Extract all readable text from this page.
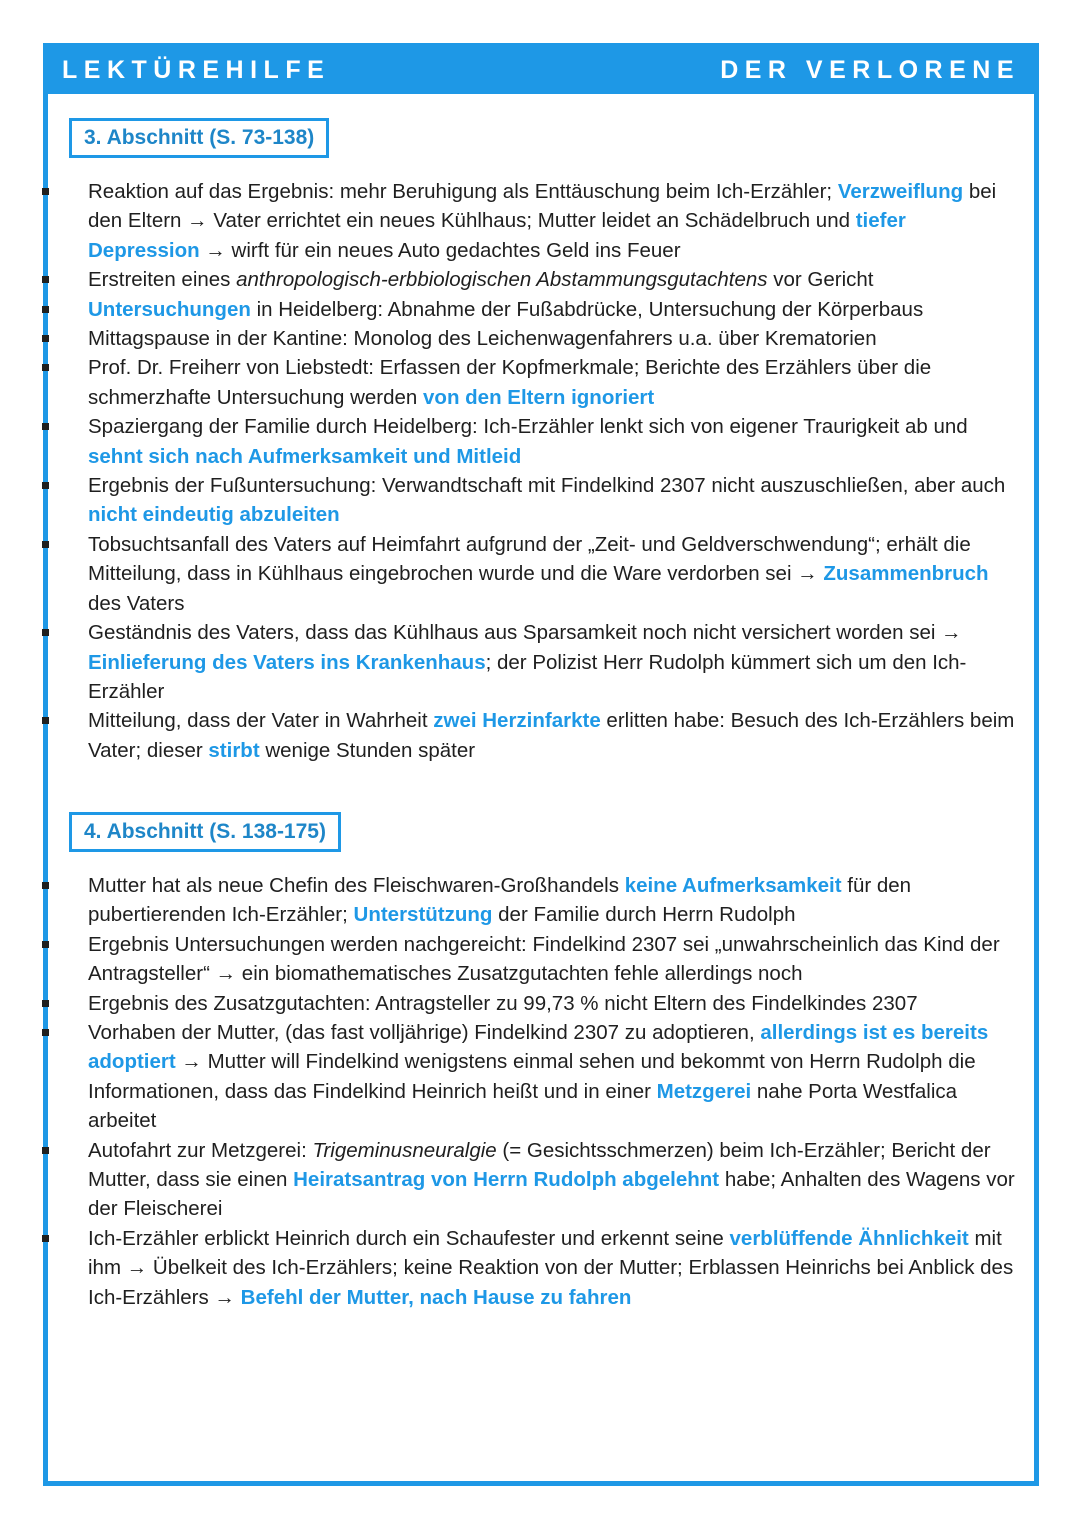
LEKTÜREHILFE	DER VERLORENE
3. Abschnitt (S. 73-138)
Reaktion auf das Ergebnis: mehr Beruhigung als Enttäuschung beim Ich-Erzähler; Verzweiflung bei den Eltern → Vater errichtet ein neues Kühlhaus; Mutter leidet an Schädelbruch und tiefer Depression → wirft für ein neues Auto gedachtes Geld ins Feuer
Erstreiten eines anthropologisch-erbbiologischen Abstammungsgutachtens vor Gericht
Untersuchungen in Heidelberg: Abnahme der Fußabdrücke, Untersuchung der Körperbaus
Mittagspause in der Kantine: Monolog des Leichenwagenfahrers u.a. über Krematorien
Prof. Dr. Freiherr von Liebstedt: Erfassen der Kopfmerkmale; Berichte des Erzählers über die schmerzhafte Untersuchung werden von den Eltern ignoriert
Spaziergang der Familie durch Heidelberg: Ich-Erzähler lenkt sich von eigener Traurigkeit ab und sehnt sich nach Aufmerksamkeit und Mitleid
Ergebnis der Fußuntersuchung: Verwandtschaft mit Findelkind 2307 nicht auszuschließen, aber auch nicht eindeutig abzuleiten
Tobsuchtsanfall des Vaters auf Heimfahrt aufgrund der „Zeit- und Geldverschwendung“; erhält die Mitteilung, dass in Kühlhaus eingebrochen wurde und die Ware verdorben sei → Zusammenbruch des Vaters
Geständnis des Vaters, dass das Kühlhaus aus Sparsamkeit noch nicht versichert worden sei → Einlieferung des Vaters ins Krankenhaus; der Polizist Herr Rudolph kümmert sich um den Ich-Erzähler
Mitteilung, dass der Vater in Wahrheit zwei Herzinfarkte erlitten habe: Besuch des Ich-Erzählers beim Vater; dieser stirbt wenige Stunden später
4. Abschnitt (S. 138-175)
Mutter hat als neue Chefin des Fleischwaren-Großhandels keine Aufmerksamkeit für den pubertierenden Ich-Erzähler; Unterstützung der Familie durch Herrn Rudolph
Ergebnis Untersuchungen werden nachgereicht: Findelkind 2307 sei „unwahrscheinlich das Kind der Antragsteller“ → ein biomathematisches Zusatzgutachten fehle allerdings noch
Ergebnis des Zusatzgutachten: Antragsteller zu 99,73 % nicht Eltern des Findelkindes 2307
Vorhaben der Mutter, (das fast volljährige) Findelkind 2307 zu adoptieren, allerdings ist es bereits adoptiert → Mutter will Findelkind wenigstens einmal sehen und bekommt von Herrn Rudolph die Informationen, dass das Findelkind Heinrich heißt und in einer Metzgerei nahe Porta Westfalica arbeitet
Autofahrt zur Metzgerei: Trigeminusneuralgie (= Gesichtsschmerzen) beim Ich-Erzähler; Bericht der Mutter, dass sie einen Heiratsantrag von Herrn Rudolph abgelehnt habe; Anhalten des Wagens vor der Fleischerei
Ich-Erzähler erblickt Heinrich durch ein Schaufester und erkennt seine verblüffende Ähnlichkeit mit ihm → Übelkeit des Ich-Erzählers; keine Reaktion von der Mutter; Erblassen Heinrichs bei Anblick des Ich-Erzählers → Befehl der Mutter, nach Hause zu fahren
